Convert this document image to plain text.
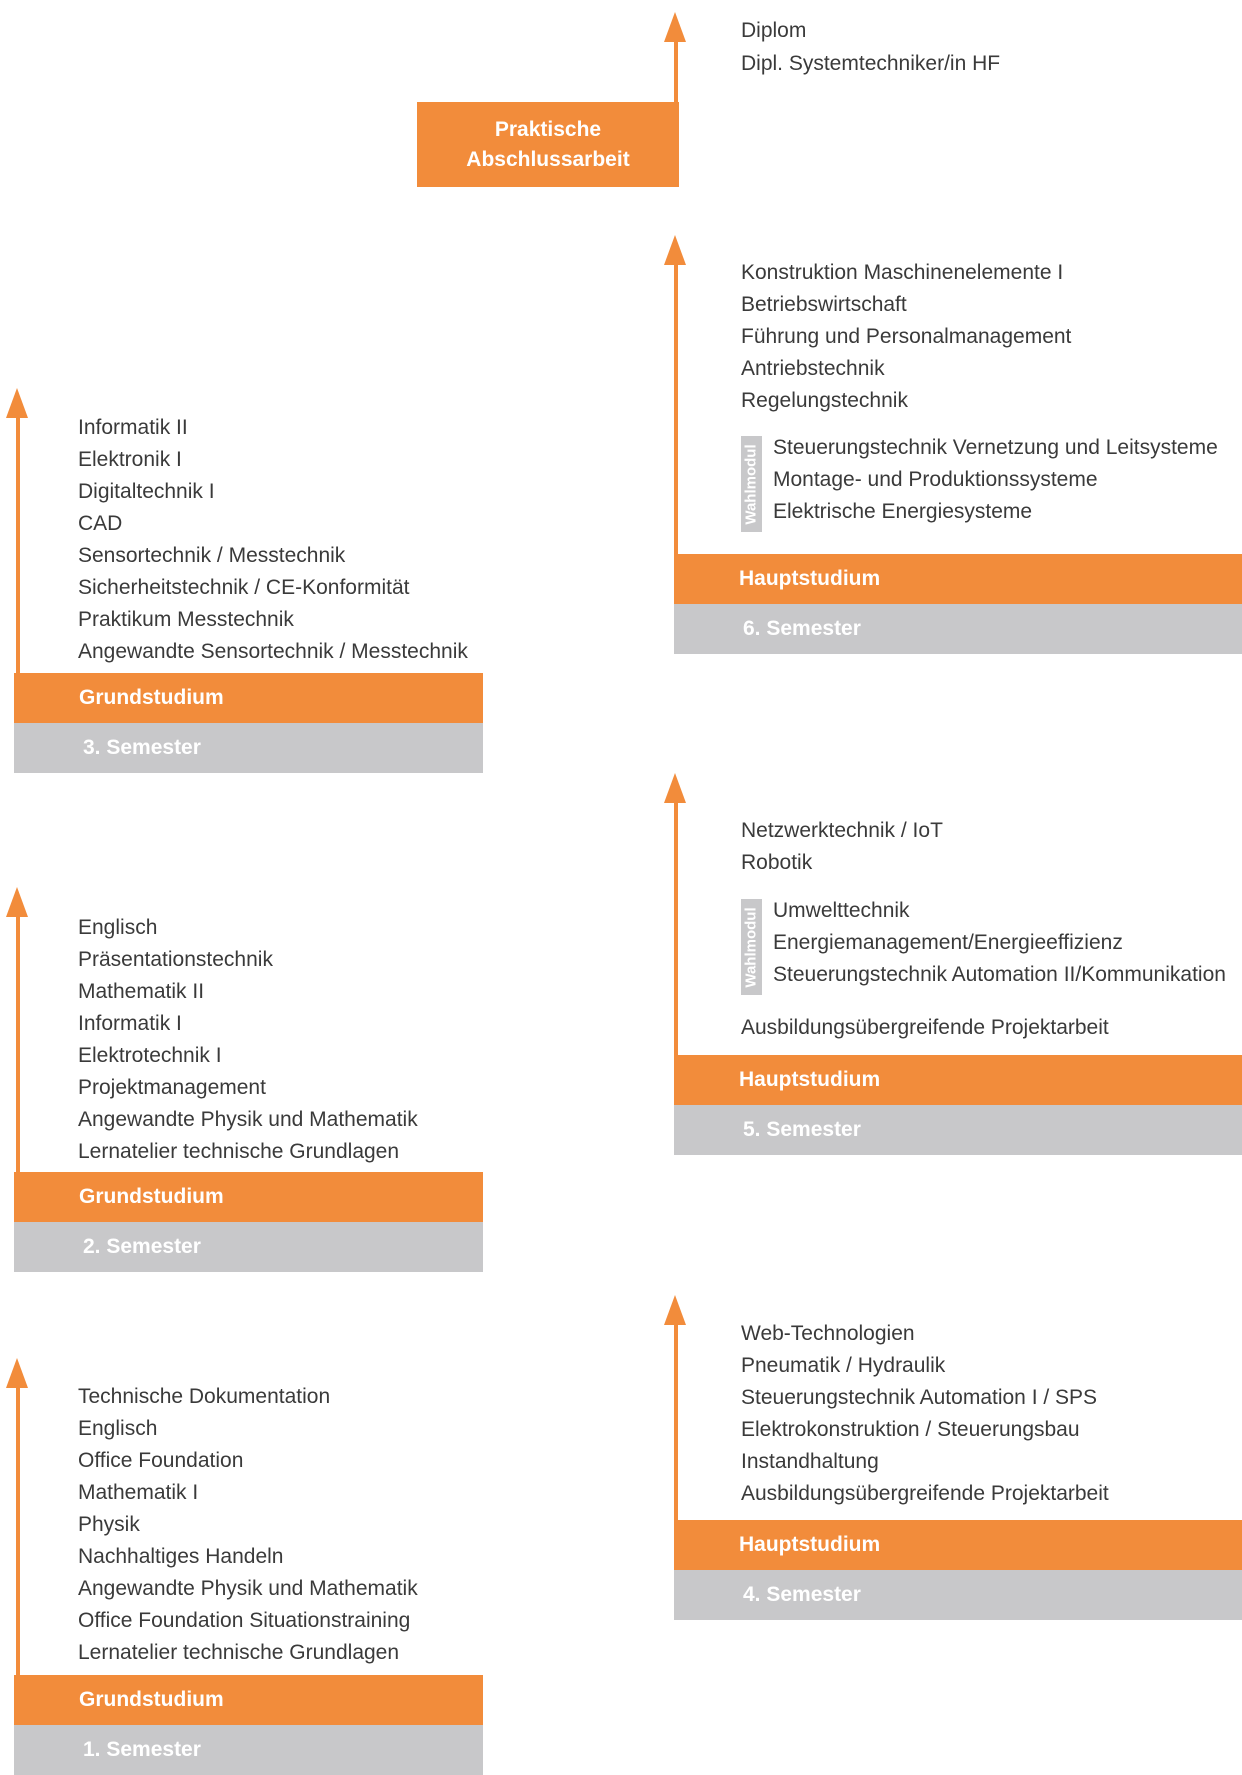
Praktische
Abschlussarbeit
Diplom
Dipl. Systemtechniker/in HF
Konstruktion Maschinenelemente I
Betriebswirtschaft
Führung und Personalmanagement
Antriebstechnik
Regelungstechnik
Wahlmodul Steuerungstechnik Vernetzung und Leitsysteme
Montage- und Produktionssysteme
Elektrische Energiesysteme
Hauptstudium
6. Semester
Netzwerktechnik / IoT
Robotik
Wahlmodul Umwelttechnik
Energiemanagement/Energieeffizienz
Steuerungstechnik Automation II/Kommunikation
Ausbildungsübergreifende Projektarbeit
Hauptstudium
5. Semester
Web-Technologien
Pneumatik / Hydraulik
Steuerungstechnik Automation I / SPS
Elektrokonstruktion / Steuerungsbau
Instandhaltung
Ausbildungsübergreifende Projektarbeit
Hauptstudium
4. Semester
Informatik II
Elektronik I
Digitaltechnik I
CAD
Sensortechnik / Messtechnik
Sicherheitstechnik / CE-Konformität
Praktikum Messtechnik
Angewandte Sensortechnik / Messtechnik
Grundstudium
3. Semester
Englisch
Präsentationstechnik
Mathematik II
Informatik I
Elektrotechnik I
Projektmanagement
Angewandte Physik und Mathematik
Lernatelier technische Grundlagen
Grundstudium
2. Semester
Technische Dokumentation
Englisch
Office Foundation
Mathematik I
Physik
Nachhaltiges Handeln
Angewandte Physik und Mathematik
Office Foundation Situationstraining
Lernatelier technische Grundlagen
Grundstudium
1. Semester
